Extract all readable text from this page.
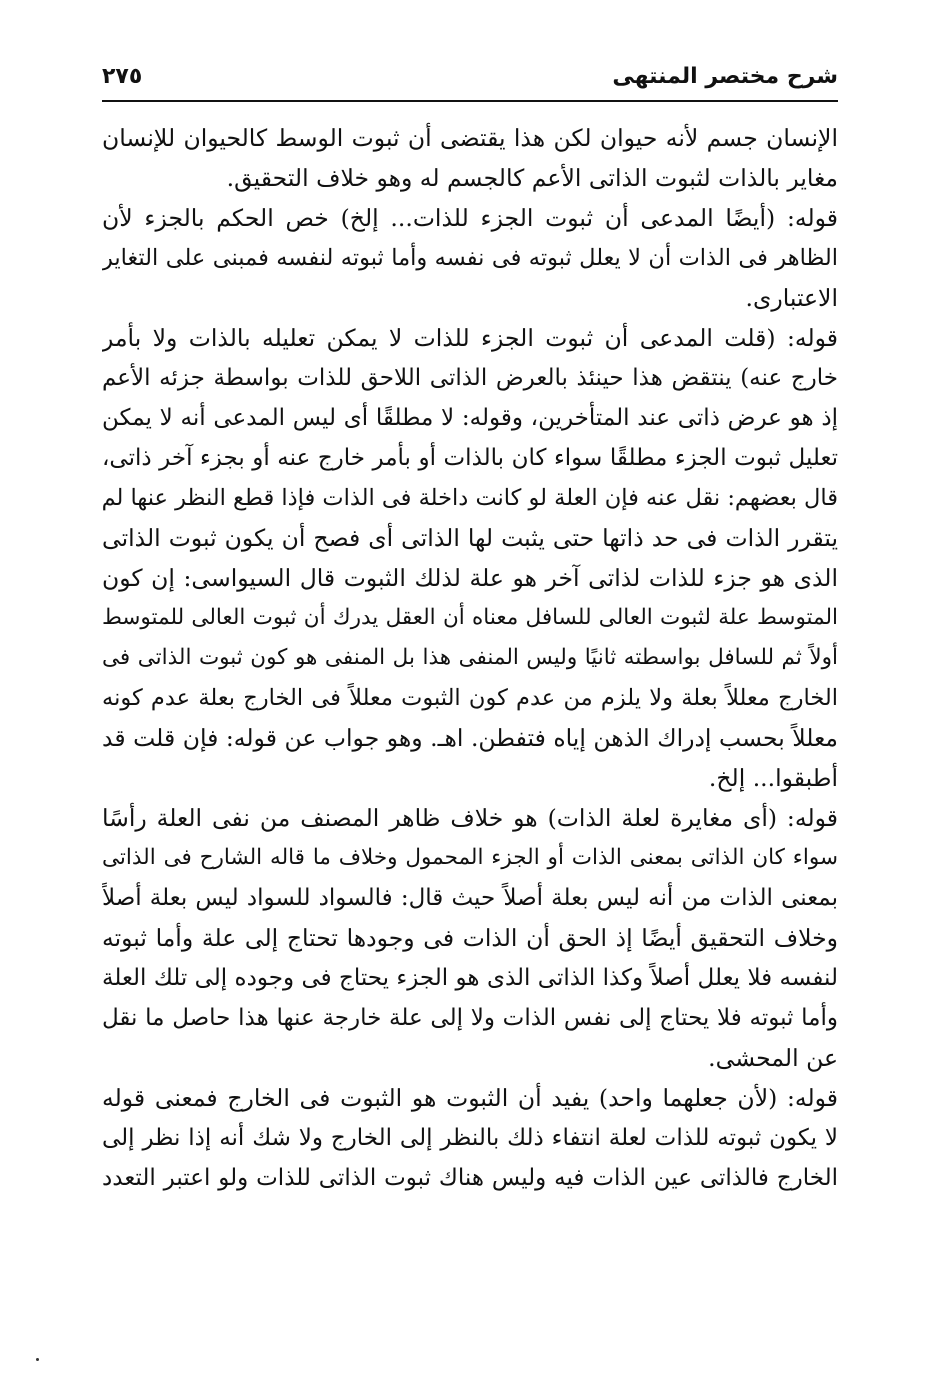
٢٧٥	شرح مختصر المنتهى
الإنسان جسم لأنه حيوان لكن هذا يقتضى أن ثبوت الوسط كالحيوان للإنسان
مغاير بالذات لثبوت الذاتى الأعم كالجسم له وهو خلاف التحقيق.
قوله: (أيضًا المدعى أن ثبوت الجزء للذات... إلخ) خص الحكم بالجزء لأن
الظاهر فى الذات أن لا يعلل ثبوته فى نفسه وأما ثبوته لنفسه فمبنى على التغاير
الاعتبارى.
قوله: (قلت المدعى أن ثبوت الجزء للذات لا يمكن تعليله بالذات ولا بأمر
خارج عنه) ينتقض هذا حينئذ بالعرض الذاتى اللاحق للذات بواسطة جزئه الأعم
إذ هو عرض ذاتى عند المتأخرين، وقوله: لا مطلقًا أى ليس المدعى أنه لا يمكن
تعليل ثبوت الجزء مطلقًا سواء كان بالذات أو بأمر خارج عنه أو بجزء آخر ذاتى،
قال بعضهم: نقل عنه فإن العلة لو كانت داخلة فى الذات فإذا قطع النظر عنها لم
يتقرر الذات فى حد ذاتها حتى يثبت لها الذاتى أى فصح أن يكون ثبوت الذاتى
الذى هو جزء للذات لذاتى آخر هو علة لذلك الثبوت قال السيواسى: إن كون
المتوسط علة لثبوت العالى للسافل معناه أن العقل يدرك أن ثبوت العالى للمتوسط
أولاً ثم للسافل بواسطته ثانيًا وليس المنفى هذا بل المنفى هو كون ثبوت الذاتى فى
الخارج معللاً بعلة ولا يلزم من عدم كون الثبوت معللاً فى الخارج بعلة عدم كونه
معللاً بحسب إدراك الذهن إياه فتفطن. اهـ. وهو جواب عن قوله: فإن قلت قد
أطبقوا... إلخ.
قوله: (أى مغايرة لعلة الذات) هو خلاف ظاهر المصنف من نفى العلة رأسًا
سواء كان الذاتى بمعنى الذات أو الجزء المحمول وخلاف ما قاله الشارح فى الذاتى
بمعنى الذات من أنه ليس بعلة أصلاً حيث قال: فالسواد للسواد ليس بعلة أصلاً
وخلاف التحقيق أيضًا إذ الحق أن الذات فى وجودها تحتاج إلى علة وأما ثبوته
لنفسه فلا يعلل أصلاً وكذا الذاتى الذى هو الجزء يحتاج فى وجوده إلى تلك العلة
وأما ثبوته فلا يحتاج إلى نفس الذات ولا إلى علة خارجة عنها هذا حاصل ما نقل
عن المحشى.
قوله: (لأن جعلهما واحد) يفيد أن الثبوت هو الثبوت فى الخارج فمعنى قوله
لا يكون ثبوته للذات لعلة انتفاء ذلك بالنظر إلى الخارج ولا شك أنه إذا نظر إلى
الخارج فالذاتى عين الذات فيه وليس هناك ثبوت الذاتى للذات ولو اعتبر التعدد
